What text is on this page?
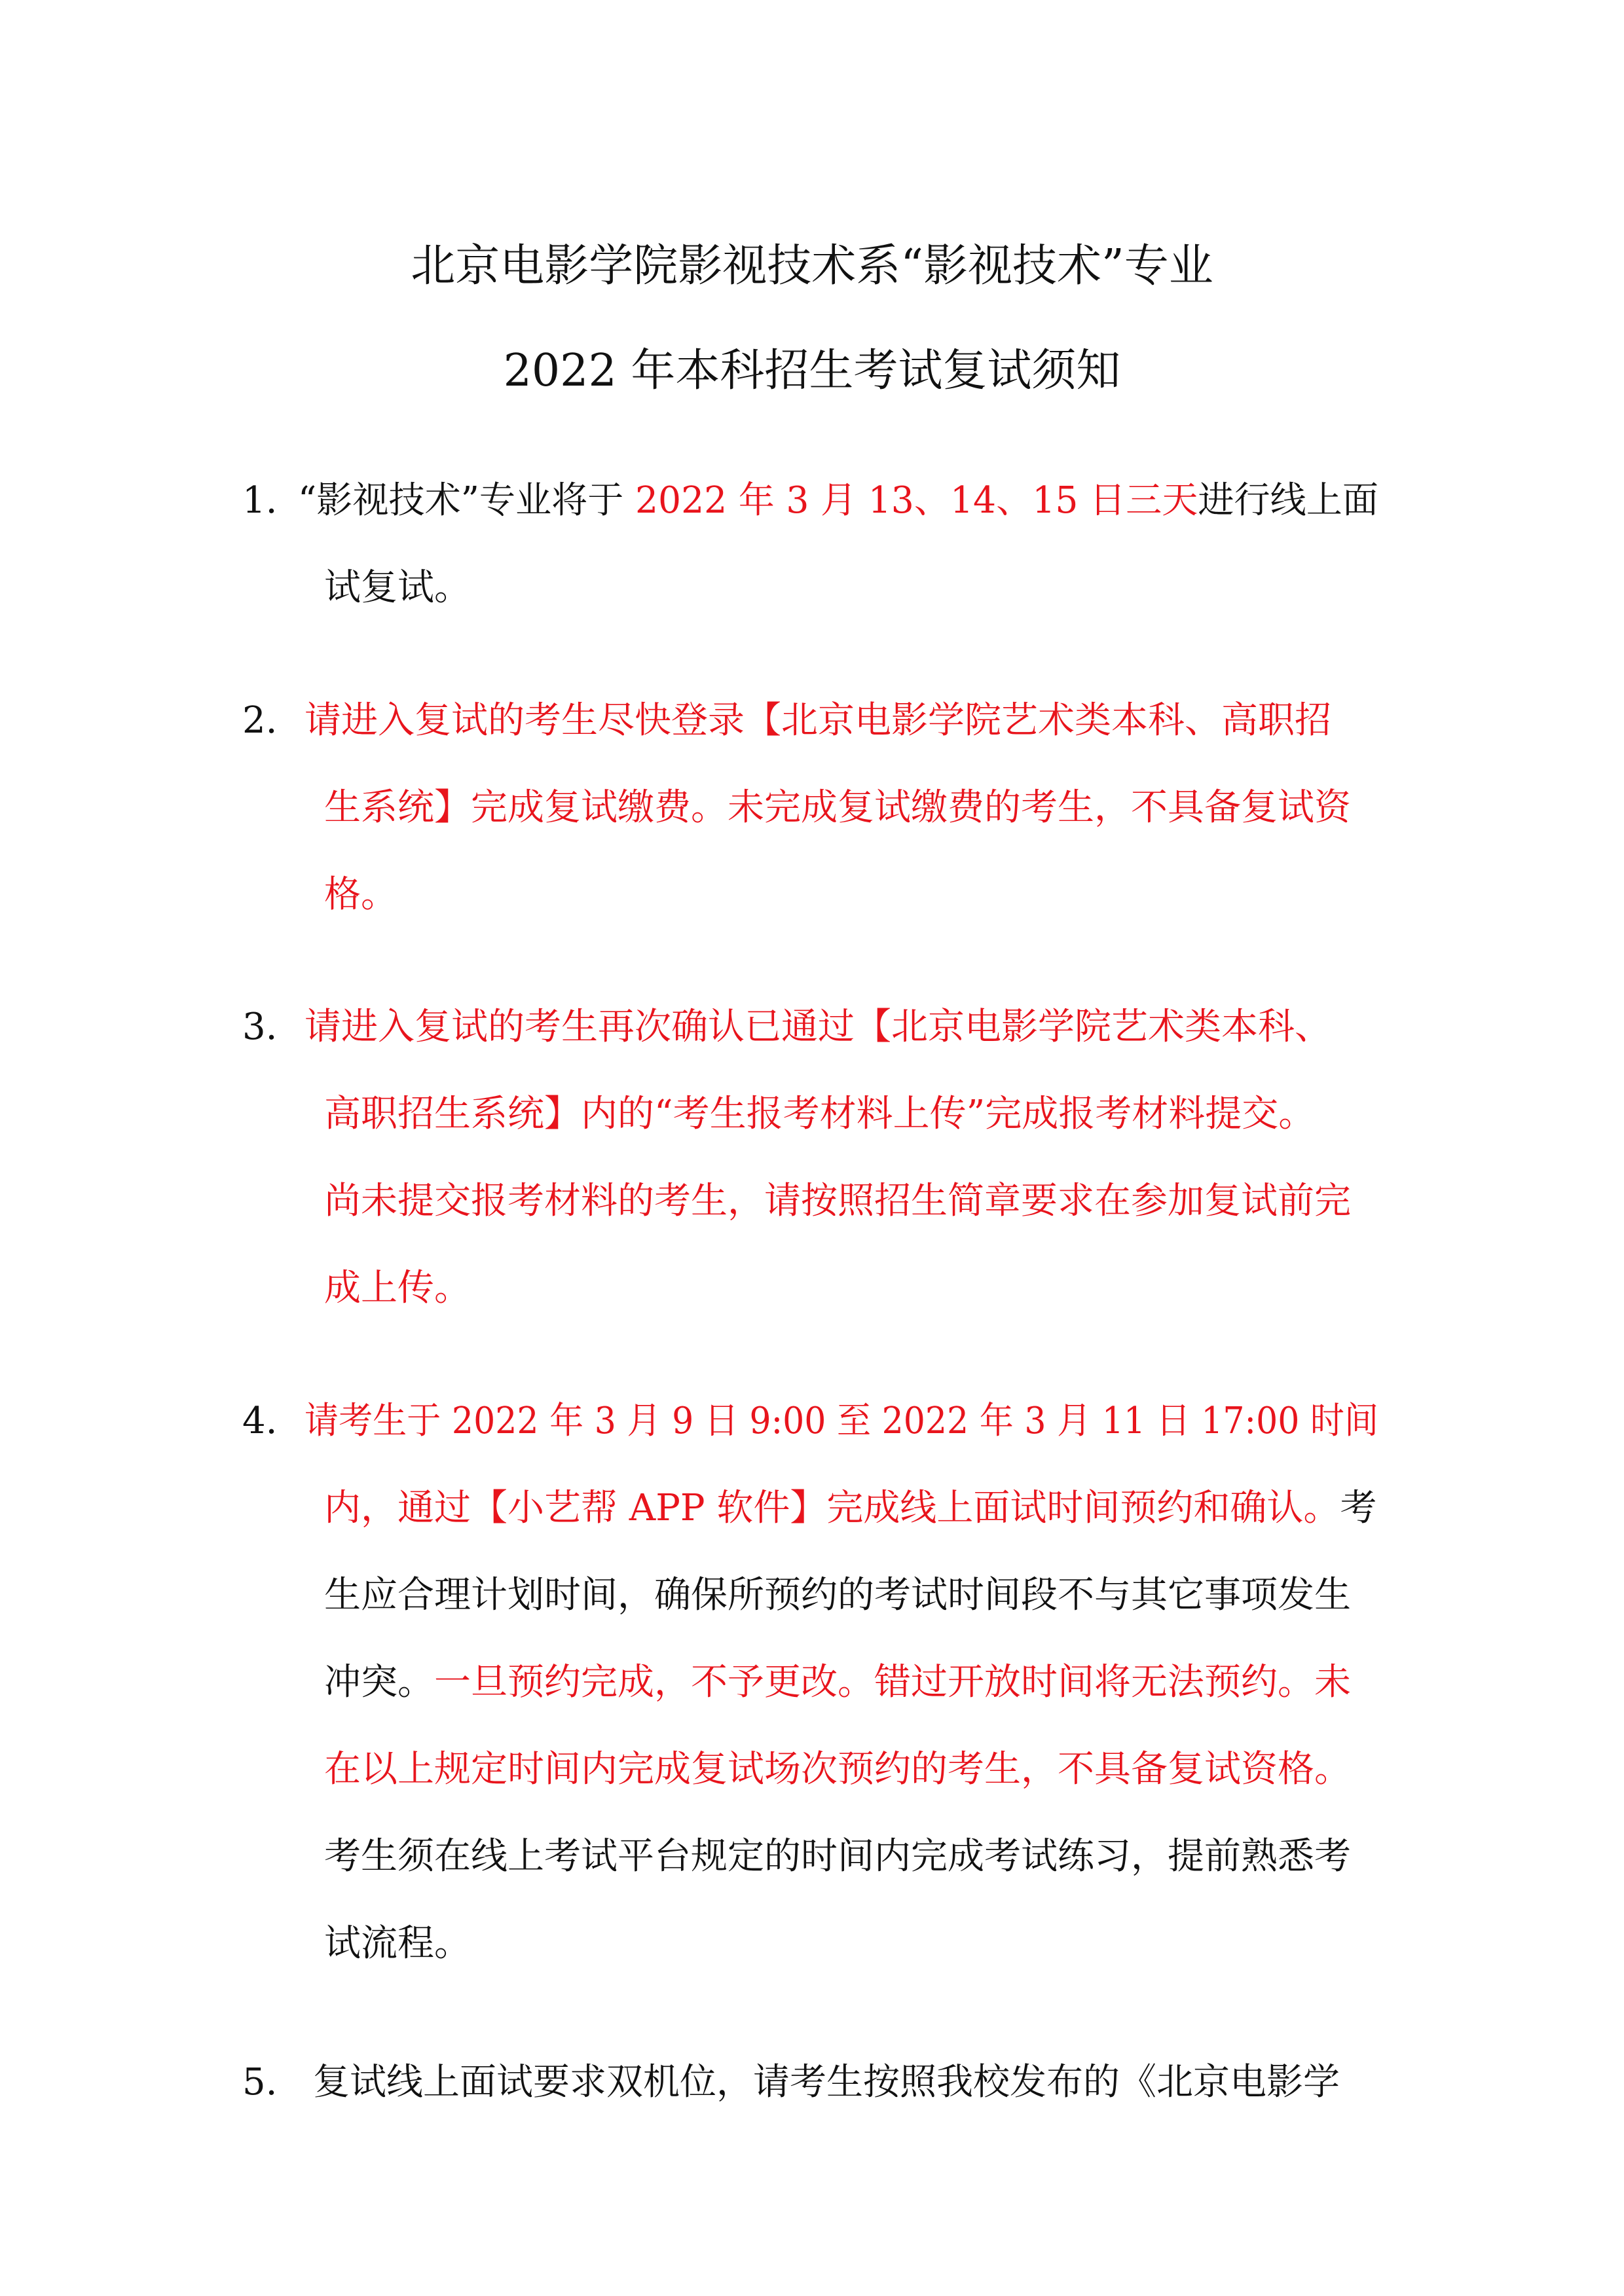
北京电影学院影视技术系“影视技术”专业
2022 年本科招生考试复试须知
1. “影视技术”专业将于 2022 年 3 月 13、14、15 日三天进行线上面
试复试。
2. 请进入复试的考生尽快登录【北京电影学院艺术类本科、高职招
生系统】完成复试缴费。未完成复试缴费的考生，不具备复试资
格。
3. 请进入复试的考生再次确认已通过【北京电影学院艺术类本科、
高职招生系统】内的“考生报考材料上传”完成报考材料提交。
尚未提交报考材料的考生，请按照招生简章要求在参加复试前完
成上传。
4. 请考生于 2022 年 3 月 9 日 9:00 至 2022 年 3 月 11 日 17:00 时间
内，通过【小艺帮 APP 软件】完成线上面试时间预约和确认。考
生应合理计划时间，确保所预约的考试时间段不与其它事项发生
冲突。一旦预约完成，不予更改。错过开放时间将无法预约。未
在以上规定时间内完成复试场次预约的考生，不具备复试资格。
考生须在线上考试平台规定的时间内完成考试练习，提前熟悉考
试流程。
5. 复试线上面试要求双机位，请考生按照我校发布的《北京电影学
